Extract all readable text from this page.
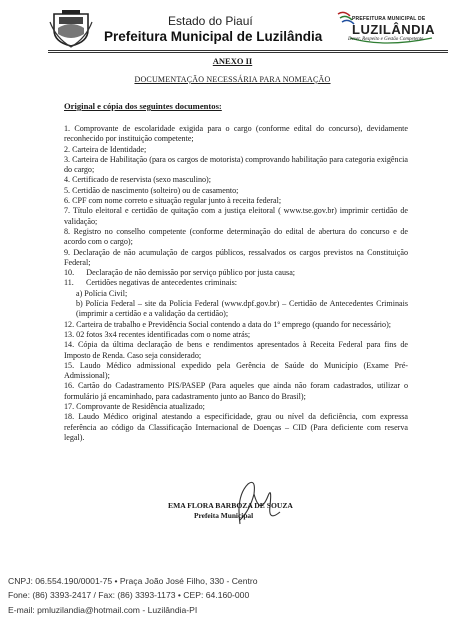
Estado do Piauí
Prefeitura Municipal de Luzilândia
PREFEITURA MUNICIPAL DE
LUZILÂNDIA
Dever, Respeito e Gestão Competente.
ANEXO II
DOCUMENTAÇÃO NECESSÁRIA PARA NOMEAÇÃO
Original e cópia dos seguintes documentos:

1. Comprovante de escolaridade exigida para o cargo (conforme edital do concurso), devidamente reconhecido por instituição competente;

2. Carteira de Identidade;

3. Carteira de Habilitação (para os cargos de motorista) comprovando habilitação para categoria exigência do cargo;

4. Certificado de reservista (sexo masculino);

5. Certidão de nascimento (solteiro) ou de casamento;

6. CPF com nome correto e situação regular junto à receita federal;

7. Título eleitoral e certidão de quitação com a justiça eleitoral ( www.tse.gov.br) imprimir certidão de validação;

8. Registro no conselho competente (conforme determinação do edital de abertura do concurso e de acordo com o cargo);

9. Declaração de não acumulação de cargos públicos, ressalvados os cargos previstos na Constituição Federal;

10.      Declaração de não demissão por serviço público por justa causa;

11.      Certidões negativas de antecedentes criminais:

a) Polícia Civil;

b) Polícia Federal – site da Polícia Federal (www.dpf.gov.br) – Certidão de Antecedentes Criminais (imprimir a certidão e a validação da certidão);

12. Carteira de trabalho e Previdência Social contendo a data do 1º emprego (quando for necessário);

13. 02 fotos 3x4 recentes identificadas com o nome atrás;

14. Cópia da última declaração de bens e rendimentos apresentados à Receita Federal para fins de Imposto de Renda. Caso seja considerado;

15. Laudo Médico admissional expedido pela Gerência de Saúde do Município (Exame Pré-Admissional);

16. Cartão do Cadastramento PIS/PASEP (Para aqueles que ainda não foram cadastrados, utilizar o formulário já encaminhado, para cadastramento junto ao Banco do Brasil);

17. Comprovante de Residência atualizado;

18. Laudo Médico original atestando a especificidade, grau ou nível da deficiência, com expressa referência ao código da Classificação Internacional de Doenças – CID (Para deficiente com reserva legal).

EMA FLORA BARBOZA DE SOUZA
Prefeita Municipal
CNPJ: 06.554.190/0001-75 • Praça João José Filho, 330 - Centro
Fone: (86) 3393-2417 / Fax: (86) 3393-1173 • CEP: 64.160-000
E-mail: pmluzilandia@hotmail.com - Luzilândia-PI
